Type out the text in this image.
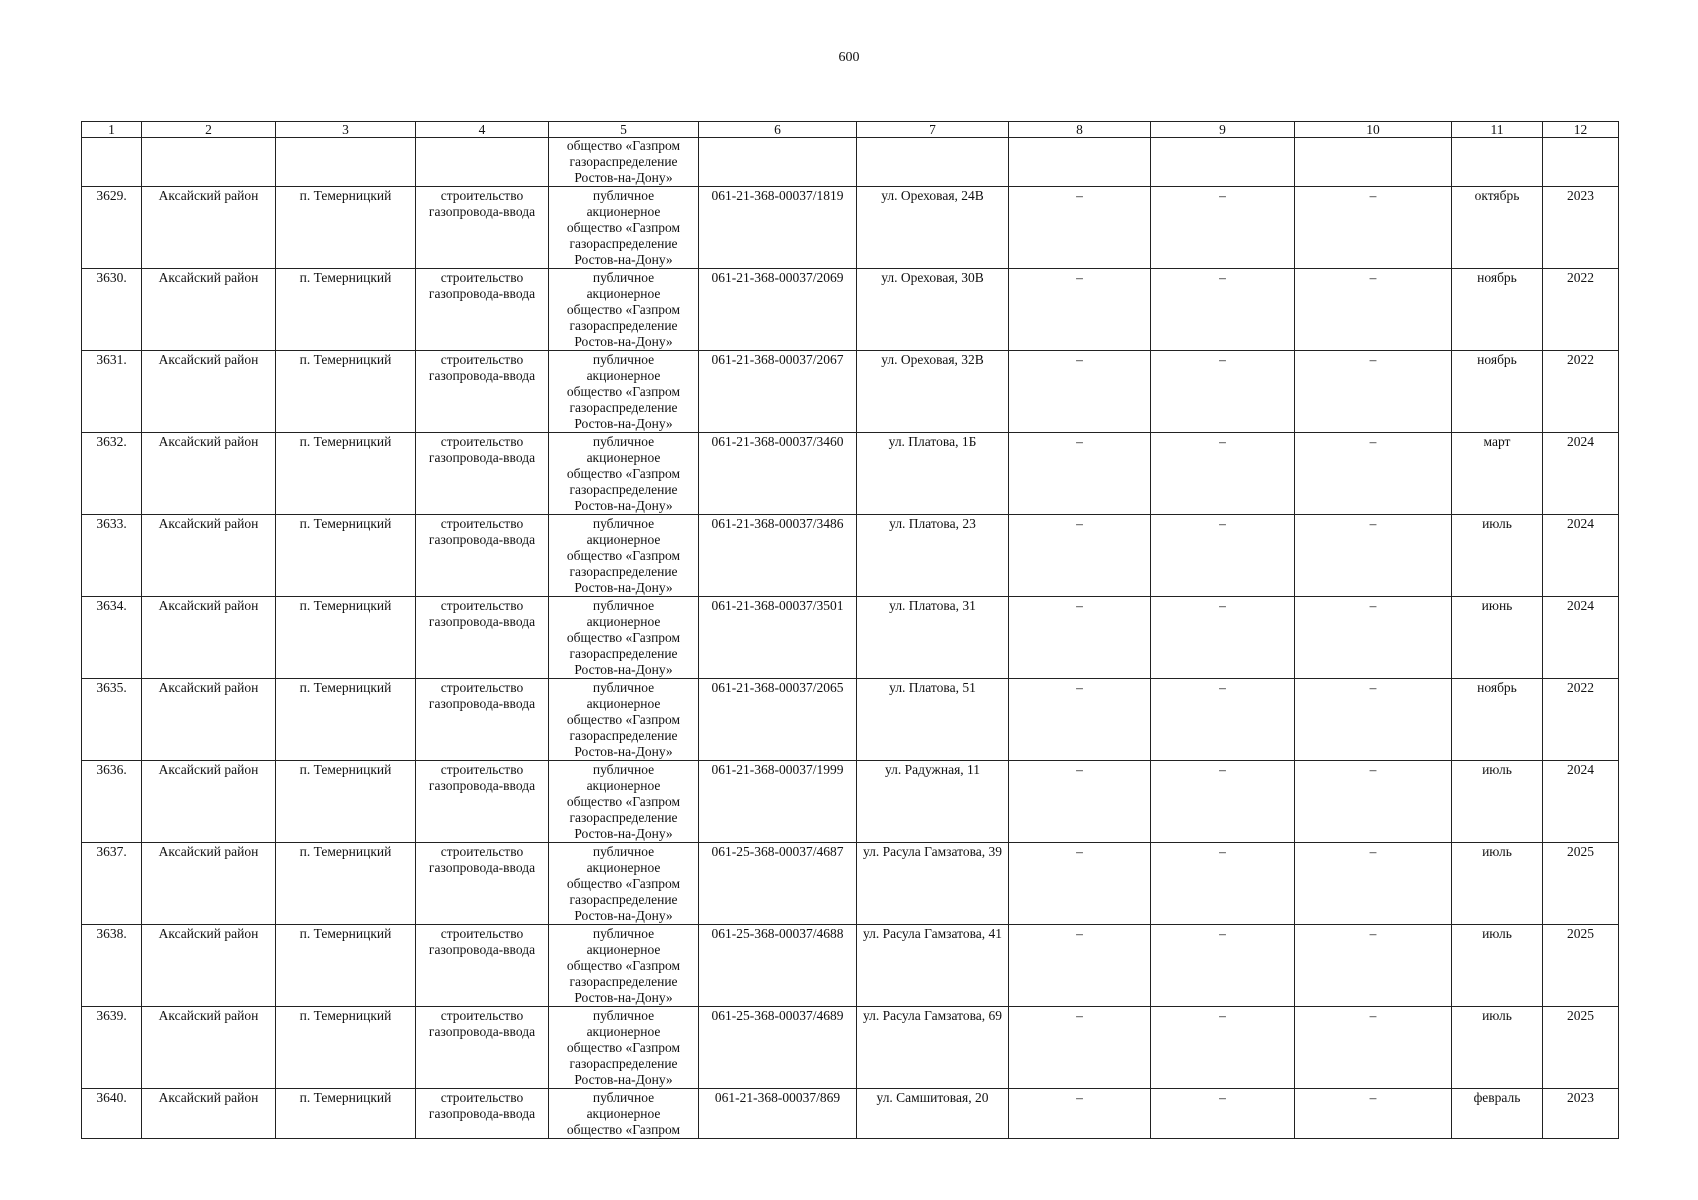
600
1	2	3	4	5	6	7	8	9	10	11	12

				общество «Газпром
газораспределение
Ростов-на-Дону»							

3629.	Аксайский район	п. Темерницкий	строительство газопровода-ввода	публичное
акционерное
общество «Газпром
газораспределение
Ростов-на-Дону»	061-21-368-00037/1819	ул. Ореховая, 24В	–	–	–	октябрь	2023
3630.	Аксайский район	п. Темерницкий	строительство газопровода-ввода	публичное
акционерное
общество «Газпром
газораспределение
Ростов-на-Дону»	061-21-368-00037/2069	ул. Ореховая, 30В	–	–	–	ноябрь	2022
3631.	Аксайский район	п. Темерницкий	строительство газопровода-ввода	публичное
акционерное
общество «Газпром
газораспределение
Ростов-на-Дону»	061-21-368-00037/2067	ул. Ореховая, 32В	–	–	–	ноябрь	2022
3632.	Аксайский район	п. Темерницкий	строительство газопровода-ввода	публичное
акционерное
общество «Газпром
газораспределение
Ростов-на-Дону»	061-21-368-00037/3460	ул. Платова, 1Б	–	–	–	март	2024
3633.	Аксайский район	п. Темерницкий	строительство газопровода-ввода	публичное
акционерное
общество «Газпром
газораспределение
Ростов-на-Дону»	061-21-368-00037/3486	ул. Платова, 23	–	–	–	июль	2024
3634.	Аксайский район	п. Темерницкий	строительство газопровода-ввода	публичное
акционерное
общество «Газпром
газораспределение
Ростов-на-Дону»	061-21-368-00037/3501	ул. Платова, 31	–	–	–	июнь	2024
3635.	Аксайский район	п. Темерницкий	строительство газопровода-ввода	публичное
акционерное
общество «Газпром
газораспределение
Ростов-на-Дону»	061-21-368-00037/2065	ул. Платова, 51	–	–	–	ноябрь	2022
3636.	Аксайский район	п. Темерницкий	строительство газопровода-ввода	публичное
акционерное
общество «Газпром
газораспределение
Ростов-на-Дону»	061-21-368-00037/1999	ул. Радужная, 11	–	–	–	июль	2024
3637.	Аксайский район	п. Темерницкий	строительство газопровода-ввода	публичное
акционерное
общество «Газпром
газораспределение
Ростов-на-Дону»	061-25-368-00037/4687	ул. Расула Гамзатова, 39	–	–	–	июль	2025
3638.	Аксайский район	п. Темерницкий	строительство газопровода-ввода	публичное
акционерное
общество «Газпром
газораспределение
Ростов-на-Дону»	061-25-368-00037/4688	ул. Расула Гамзатова, 41	–	–	–	июль	2025
3639.	Аксайский район	п. Темерницкий	строительство газопровода-ввода	публичное
акционерное
общество «Газпром
газораспределение
Ростов-на-Дону»	061-25-368-00037/4689	ул. Расула Гамзатова, 69	–	–	–	июль	2025
3640.	Аксайский район	п. Темерницкий	строительство газопровода-ввода	публичное
акционерное
общество «Газпром	061-21-368-00037/869	ул. Самшитовая, 20	–	–	–	февраль	2023
